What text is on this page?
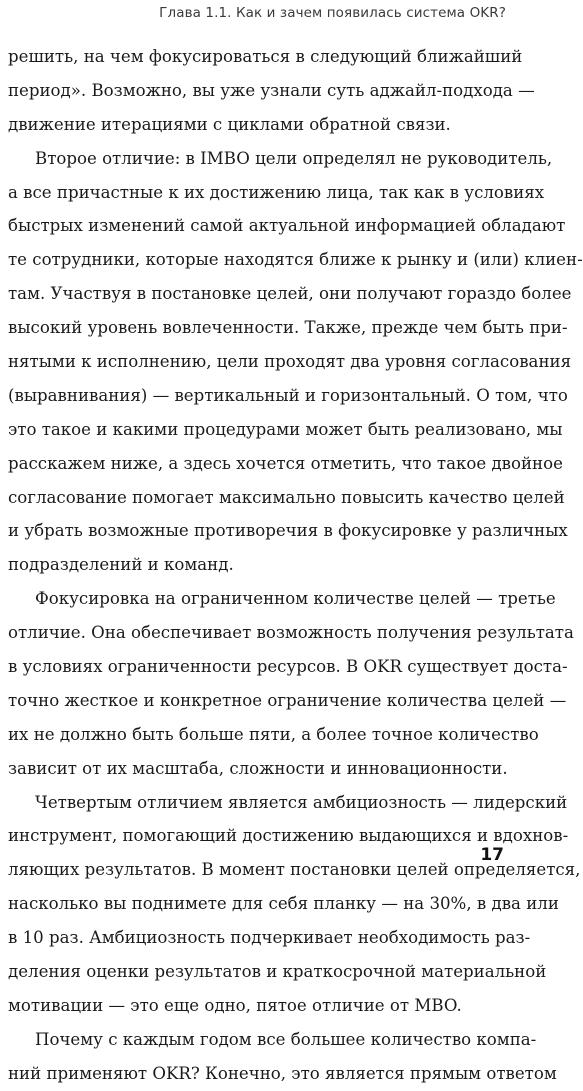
Глава 1.1. Как и зачем появилась система OKR?
решить, на чем фокусироваться в следующий ближайший
период». Возможно, вы уже узнали суть аджайл-подхода —
движение итерациями с циклами обратной связи.
Второе отличие: в IMBO цели определял не руководитель,
а все причастные к их достижению лица, так как в условиях
быстрых изменений самой актуальной информацией обладают
те сотрудники, которые находятся ближе к рынку и (или) клиен-
там. Участвуя в постановке целей, они получают гораздо более
высокий уровень вовлеченности. Также, прежде чем быть при-
нятыми к исполнению, цели проходят два уровня согласования
(выравнивания) — вертикальный и горизонтальный. О том, что
это такое и какими процедурами может быть реализовано, мы
расскажем ниже, а здесь хочется отметить, что такое двойное
согласование помогает максимально повысить качество целей
и убрать возможные противоречия в фокусировке у различных
подразделений и команд.
Фокусировка на ограниченном количестве целей — третье
отличие. Она обеспечивает возможность получения результата
в условиях ограниченности ресурсов. В OKR существует доста-
точно жесткое и конкретное ограничение количества целей —
их не должно быть больше пяти, а более точное количество
зависит от их масштаба, сложности и инновационности.
Четвертым отличием является амбициозность — лидерский
инструмент, помогающий достижению выдающихся и вдохнов-
ляющих результатов. В момент постановки целей определяется,
насколько вы поднимете для себя планку — на 30%, в два или
в 10 раз. Амбициозность подчеркивает необходимость раз-
деления оценки результатов и краткосрочной материальной
мотивации — это еще одно, пятое отличие от MBO.
Почему с каждым годом все большее количество компа-
ний применяют OKR? Конечно, это является прямым ответом
17
